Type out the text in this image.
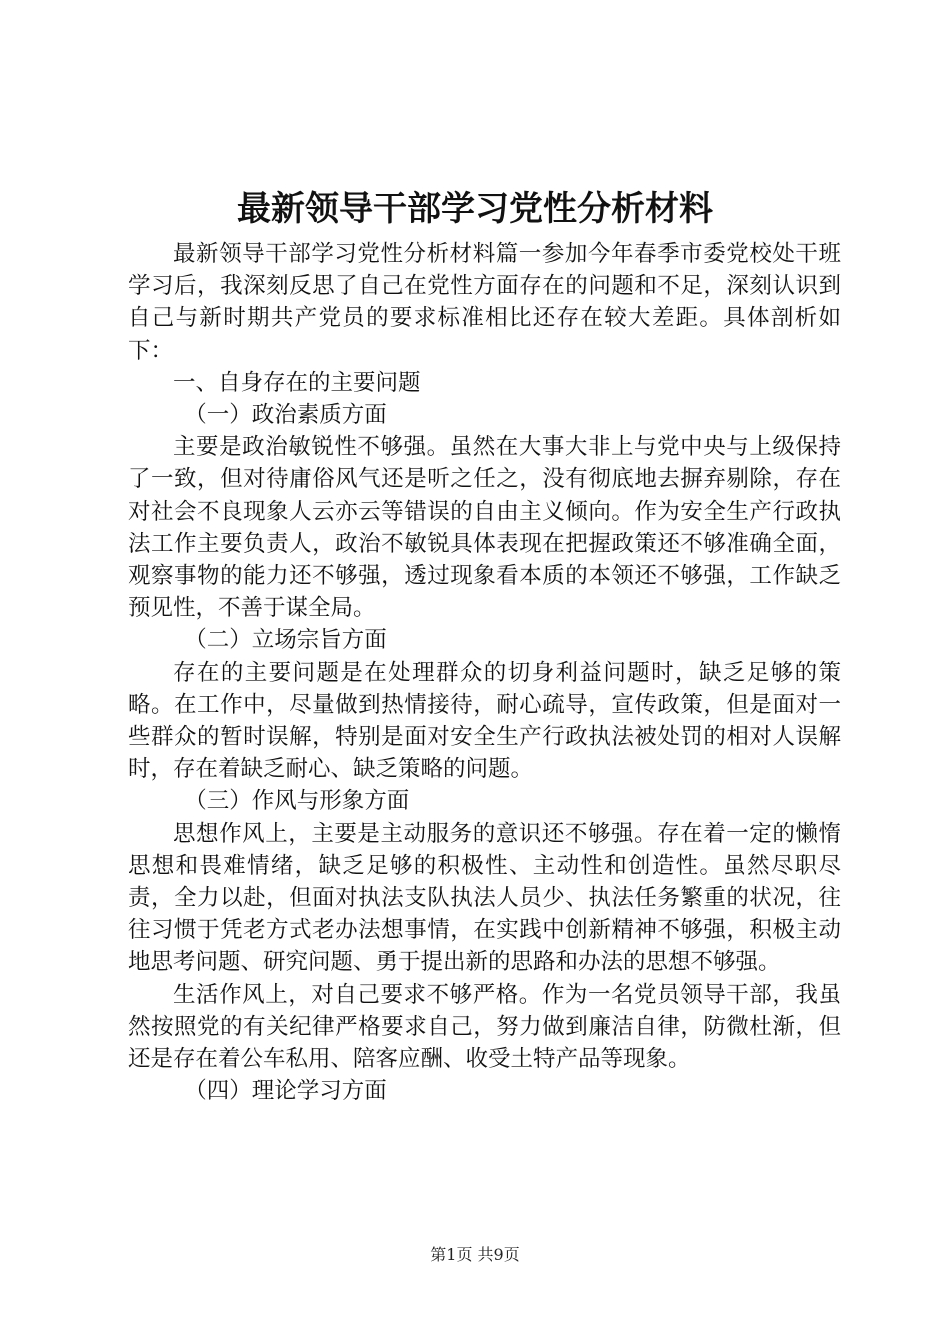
最新领导干部学习党性分析材料

最新领导干部学习党性分析材料篇一参加今年春季市委党校处干班学习后，我深刻反思了自己在党性方面存在的问题和不足，深刻认识到自己与新时期共产党员的要求标准相比还存在较大差距。具体剖析如下：

一、自身存在的主要问题

（一）政治素质方面

主要是政治敏锐性不够强。虽然在大事大非上与党中央与上级保持了一致，但对待庸俗风气还是听之任之，没有彻底地去摒弃剔除，存在对社会不良现象人云亦云等错误的自由主义倾向。作为安全生产行政执法工作主要负责人，政治不敏锐具体表现在把握政策还不够准确全面，观察事物的能力还不够强，透过现象看本质的本领还不够强，工作缺乏预见性，不善于谋全局。

（二）立场宗旨方面

存在的主要问题是在处理群众的切身利益问题时，缺乏足够的策略。在工作中，尽量做到热情接待，耐心疏导，宣传政策，但是面对一些群众的暂时误解，特别是面对安全生产行政执法被处罚的相对人误解时，存在着缺乏耐心、缺乏策略的问题。

（三）作风与形象方面

思想作风上，主要是主动服务的意识还不够强。存在着一定的懒惰思想和畏难情绪，缺乏足够的积极性、主动性和创造性。虽然尽职尽责，全力以赴，但面对执法支队执法人员少、执法任务繁重的状况，往往习惯于凭老方式老办法想事情，在实践中创新精神不够强，积极主动地思考问题、研究问题、勇于提出新的思路和办法的思想不够强。

生活作风上，对自己要求不够严格。作为一名党员领导干部，我虽然按照党的有关纪律严格要求自己，努力做到廉洁自律，防微杜渐，但还是存在着公车私用、陪客应酬、收受土特产品等现象。

（四）理论学习方面

第1页 共9页
